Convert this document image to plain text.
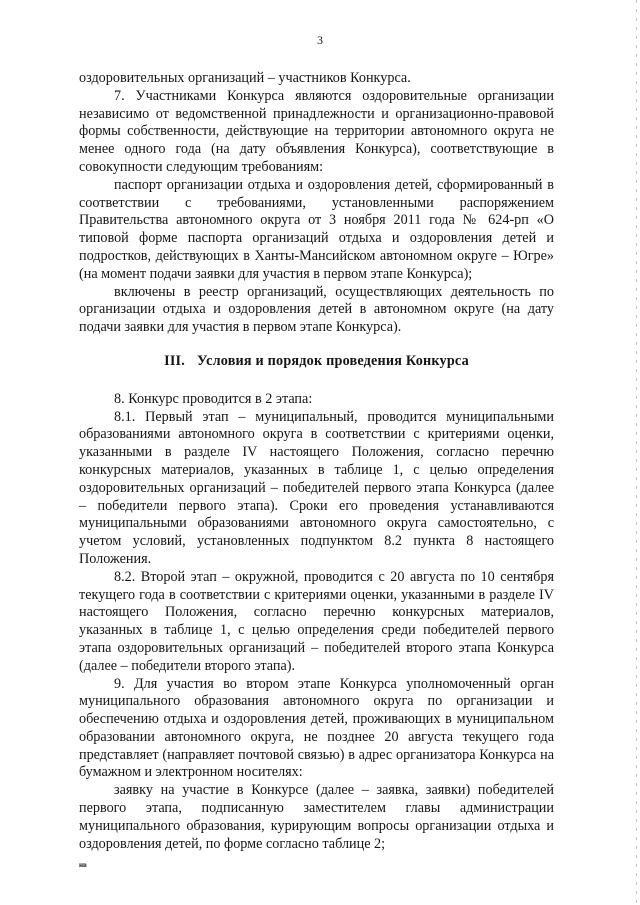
3

оздоровительных организаций – участников Конкурса.

7. Участниками Конкурса являются оздоровительные организации независимо от ведомственной принадлежности и организационно-правовой формы собственности, действующие на территории автономного округа не менее одного года (на дату объявления Конкурса), соответствующие в совокупности следующим требованиям:

паспорт организации отдыха и оздоровления детей, сформированный в соответствии с требованиями, установленными распоряжением Правительства автономного округа от 3 ноября 2011 года № 624-рп «О типовой форме паспорта организаций отдыха и оздоровления детей и подростков, действующих в Ханты-Мансийском автономном округе – Югре» (на момент подачи заявки для участия в первом этапе Конкурса);

включены в реестр организаций, осуществляющих деятельность по организации отдыха и оздоровления детей в автономном округе (на дату подачи заявки для участия в первом этапе Конкурса).

III. Условия и порядок проведения Конкурса

8. Конкурс проводится в 2 этапа:

8.1. Первый этап – муниципальный, проводится муниципальными образованиями автономного округа в соответствии с критериями оценки, указанными в разделе IV настоящего Положения, согласно перечню конкурсных материалов, указанных в таблице 1, с целью определения оздоровительных организаций – победителей первого этапа Конкурса (далее – победители первого этапа). Сроки его проведения устанавливаются муниципальными образованиями автономного округа самостоятельно, с учетом условий, установленных подпунктом 8.2 пункта 8 настоящего Положения.

8.2. Второй этап – окружной, проводится с 20 августа по 10 сентября текущего года в соответствии с критериями оценки, указанными в разделе IV настоящего Положения, согласно перечню конкурсных материалов, указанных в таблице 1, с целью определения среди победителей первого этапа оздоровительных организаций – победителей второго этапа Конкурса (далее – победители второго этапа).

9. Для участия во втором этапе Конкурса уполномоченный орган муниципального образования автономного округа по организации и обеспечению отдыха и оздоровления детей, проживающих в муниципальном образовании автономного округа, не позднее 20 августа текущего года представляет (направляет почтовой связью) в адрес организатора Конкурса на бумажном и электронном носителях:

заявку на участие в Конкурсе (далее – заявка, заявки) победителей первого этапа, подписанную заместителем главы администрации муниципального образования, курирующим вопросы организации отдыха и оздоровления детей, по форме согласно таблице 2;

нв
